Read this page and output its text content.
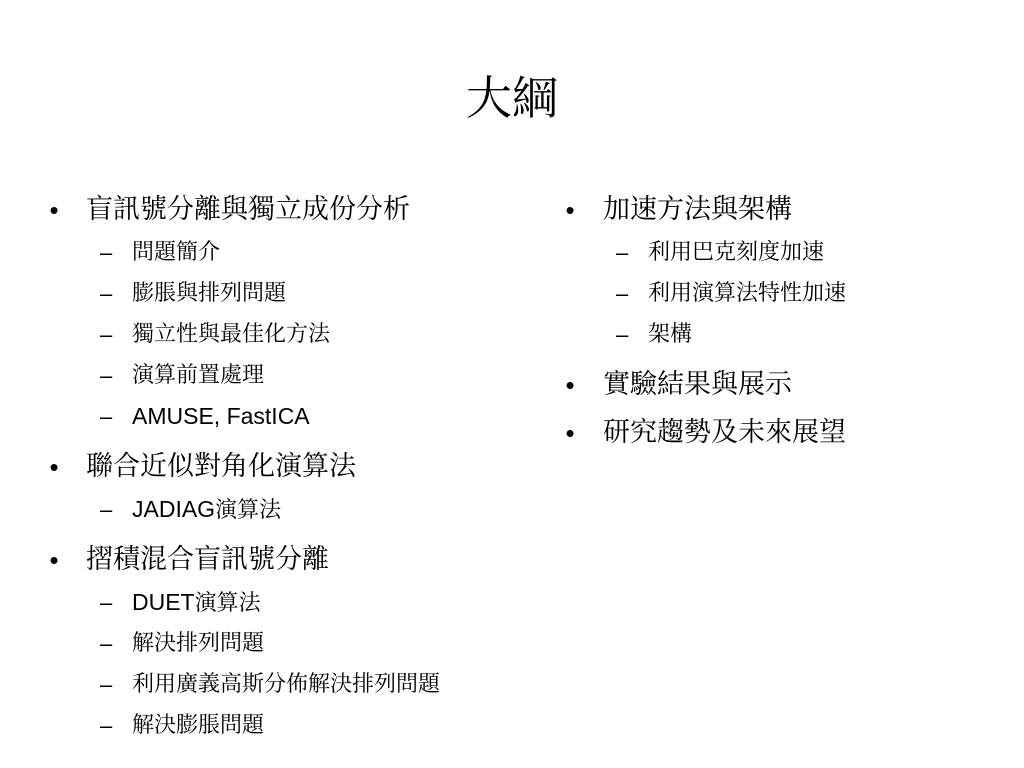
大綱
• 盲訊號分離與獨立成份分析
– 問題簡介
– 膨脹與排列問題
– 獨立性與最佳化方法
– 演算前置處理
– AMUSE, FastICA
• 聯合近似對角化演算法
– JADIAG演算法
• 摺積混合盲訊號分離
– DUET演算法
– 解決排列問題
– 利用廣義高斯分佈解決排列問題
– 解決膨脹問題
• 加速方法與架構
– 利用巴克刻度加速
– 利用演算法特性加速
– 架構
• 實驗結果與展示
• 研究趨勢及未來展望
